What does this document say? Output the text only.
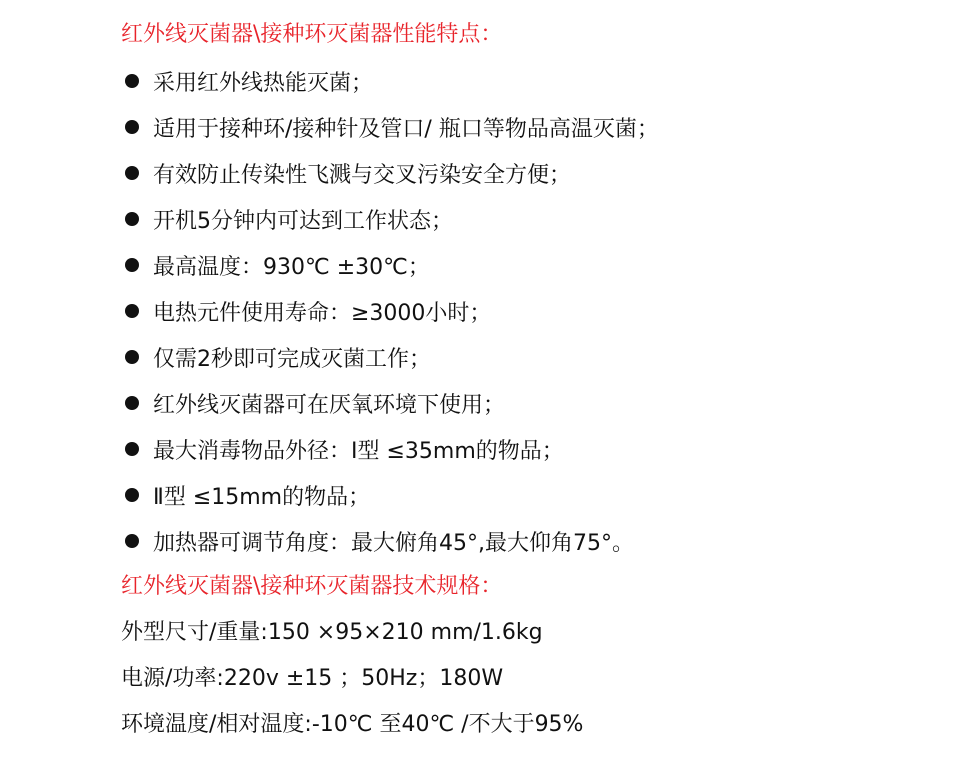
红外线灭菌器\接种环灭菌器性能特点：
采用红外线热能灭菌；
适用于接种环/接种针及管口/ 瓶口等物品高温灭菌；
有效防止传染性飞溅与交叉污染安全方便；
开机5分钟内可达到工作状态；
最高温度：930℃ ±30℃；
电热元件使用寿命：≥3000小时；
仅需2秒即可完成灭菌工作；
红外线灭菌器可在厌氧环境下使用；
最大消毒物品外径：Ⅰ型 ≤35mm的物品；
Ⅱ型 ≤15mm的物品；
加热器可调节角度：最大俯角45°,最大仰角75°。
红外线灭菌器\接种环灭菌器技术规格：
外型尺寸/重量:150 ×95×210 mm/1.6kg
电源/功率:220v ±15 ；50Hz；180W
环境温度/相对温度:-10℃ 至40℃ /不大于95%
